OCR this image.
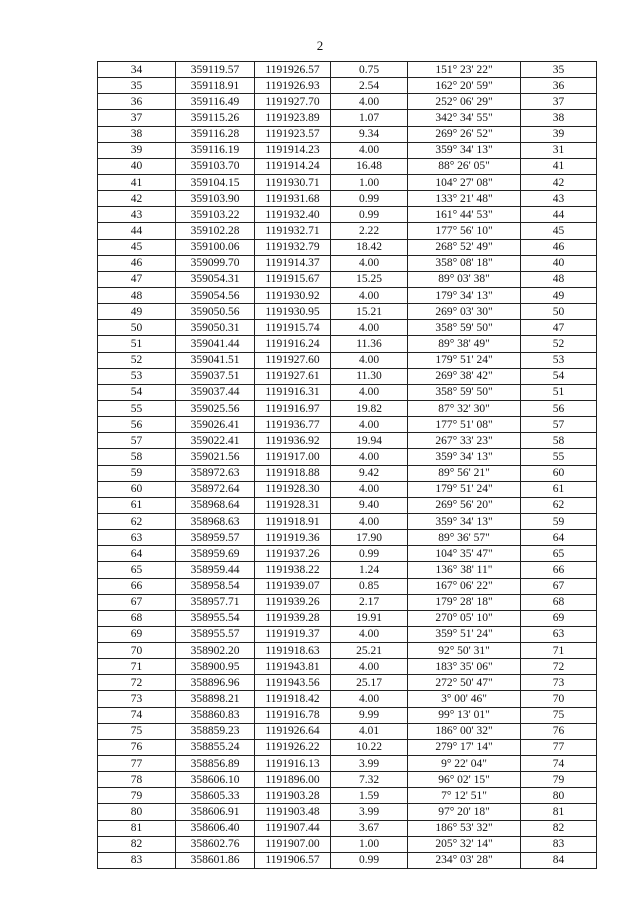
2
34	359119.57	1191926.57	0.75	151° 23' 22"	35
35	359118.91	1191926.93	2.54	162° 20' 59"	36
36	359116.49	1191927.70	4.00	252° 06' 29"	37
37	359115.26	1191923.89	1.07	342° 34' 55"	38
38	359116.28	1191923.57	9.34	269° 26' 52"	39
39	359116.19	1191914.23	4.00	359° 34' 13"	31
40	359103.70	1191914.24	16.48	88° 26' 05"	41
41	359104.15	1191930.71	1.00	104° 27' 08"	42
42	359103.90	1191931.68	0.99	133° 21' 48"	43
43	359103.22	1191932.40	0.99	161° 44' 53"	44
44	359102.28	1191932.71	2.22	177° 56' 10"	45
45	359100.06	1191932.79	18.42	268° 52' 49"	46
46	359099.70	1191914.37	4.00	358° 08' 18"	40
47	359054.31	1191915.67	15.25	89° 03' 38"	48
48	359054.56	1191930.92	4.00	179° 34' 13"	49
49	359050.56	1191930.95	15.21	269° 03' 30"	50
50	359050.31	1191915.74	4.00	358° 59' 50"	47
51	359041.44	1191916.24	11.36	89° 38' 49"	52
52	359041.51	1191927.60	4.00	179° 51' 24"	53
53	359037.51	1191927.61	11.30	269° 38' 42"	54
54	359037.44	1191916.31	4.00	358° 59' 50"	51
55	359025.56	1191916.97	19.82	87° 32' 30"	56
56	359026.41	1191936.77	4.00	177° 51' 08"	57
57	359022.41	1191936.92	19.94	267° 33' 23"	58
58	359021.56	1191917.00	4.00	359° 34' 13"	55
59	358972.63	1191918.88	9.42	89° 56' 21"	60
60	358972.64	1191928.30	4.00	179° 51' 24"	61
61	358968.64	1191928.31	9.40	269° 56' 20"	62
62	358968.63	1191918.91	4.00	359° 34' 13"	59
63	358959.57	1191919.36	17.90	89° 36' 57"	64
64	358959.69	1191937.26	0.99	104° 35' 47"	65
65	358959.44	1191938.22	1.24	136° 38' 11"	66
66	358958.54	1191939.07	0.85	167° 06' 22"	67
67	358957.71	1191939.26	2.17	179° 28' 18"	68
68	358955.54	1191939.28	19.91	270° 05' 10"	69
69	358955.57	1191919.37	4.00	359° 51' 24"	63
70	358902.20	1191918.63	25.21	92° 50' 31"	71
71	358900.95	1191943.81	4.00	183° 35' 06"	72
72	358896.96	1191943.56	25.17	272° 50' 47"	73
73	358898.21	1191918.42	4.00	3° 00' 46"	70
74	358860.83	1191916.78	9.99	99° 13' 01"	75
75	358859.23	1191926.64	4.01	186° 00' 32"	76
76	358855.24	1191926.22	10.22	279° 17' 14"	77
77	358856.89	1191916.13	3.99	9° 22' 04"	74
78	358606.10	1191896.00	7.32	96° 02' 15"	79
79	358605.33	1191903.28	1.59	7° 12' 51"	80
80	358606.91	1191903.48	3.99	97° 20' 18"	81
81	358606.40	1191907.44	3.67	186° 53' 32"	82
82	358602.76	1191907.00	1.00	205° 32' 14"	83
83	358601.86	1191906.57	0.99	234° 03' 28"	84
